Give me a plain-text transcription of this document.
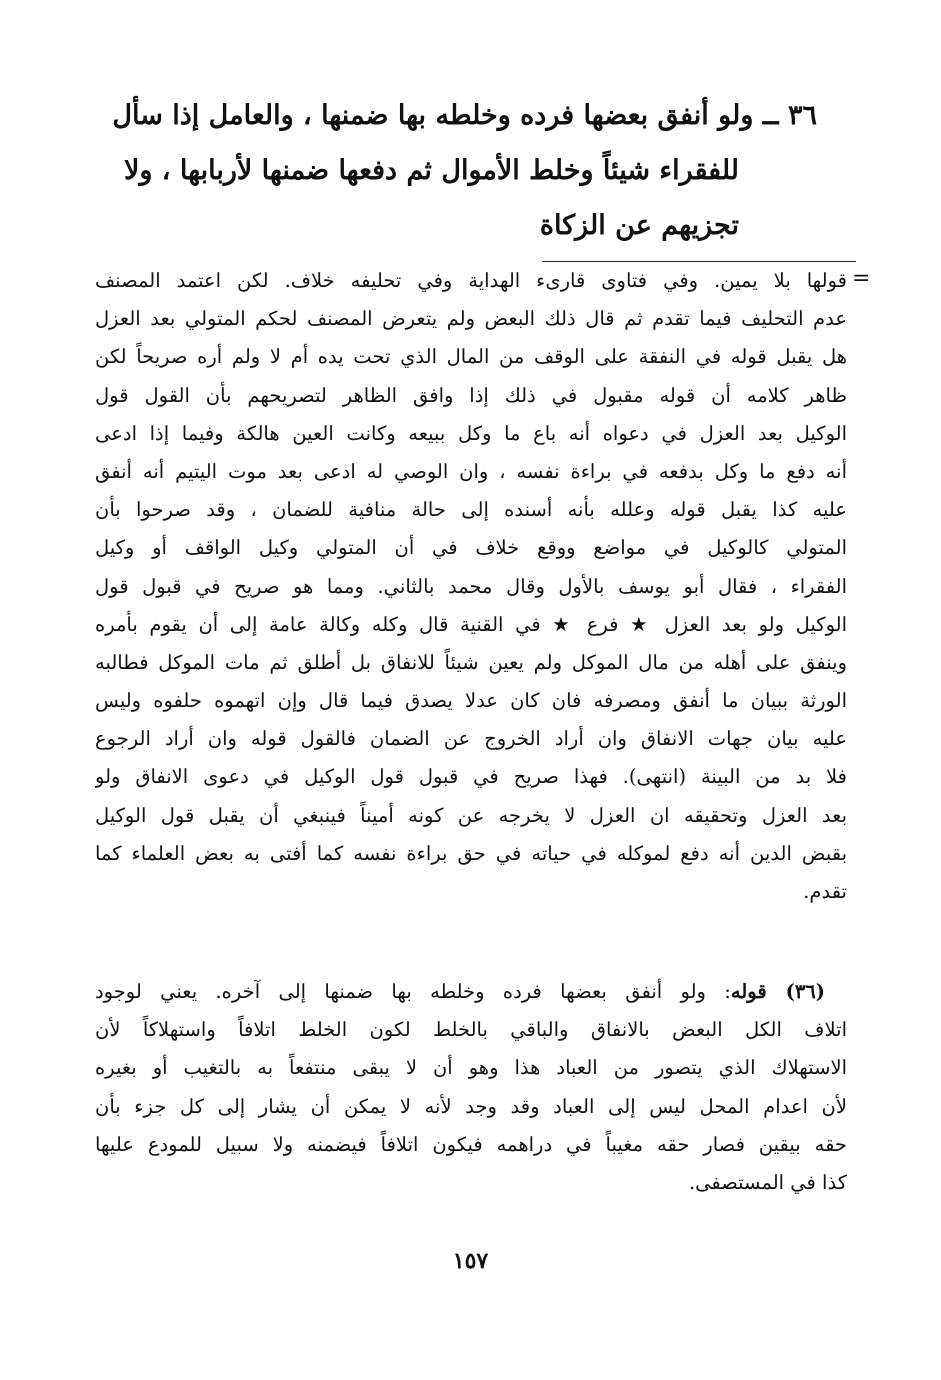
٣٦ ــ ولو أنفق بعضها فرده وخلطه بها ضمنها ، والعامل إذا سأل
للفقراء شيئاً وخلط الأموال ثم دفعها ضمنها لأربابها ، ولا
تجزيهم عن الزكاة
=
قولها بلا يمين. وفي فتاوى قارىء الهداية وفي تحليفه خلاف. لكن اعتمد المصنف
عدم التحليف فيما تقدم ثم قال ذلك البعض ولم يتعرض المصنف لحكم المتولي بعد العزل
هل يقبل قوله في النفقة على الوقف من المال الذي تحت يده أم لا ولم أره صريحاً لكن
ظاهر كلامه أن قوله مقبول في ذلك إذا وافق الظاهر لتصريحهم بأن القول قول
الوكيل بعد العزل في دعواه أنه باع ما وكل ببيعه وكانت العين هالكة وفيما إذا ادعى
أنه دفع ما وكل بدفعه في براءة نفسه ، وان الوصي له ادعى بعد موت اليتيم أنه أنفق
عليه كذا يقبل قوله وعلله بأنه أسنده إلى حالة منافية للضمان ، وقد صرحوا بأن
المتولي كالوكيل في مواضع ووقع خلاف في أن المتولي وكيل الواقف أو وكيل
الفقراء ، فقال أبو يوسف بالأول وقال محمد بالثاني. ومما هو صريح في قبول قول
الوكيل ولو بعد العزل ★ فرع ★ في القنية قال وكله وكالة عامة إلى أن يقوم بأمره
وينفق على أهله من مال الموكل ولم يعين شيئاً للانفاق بل أطلق ثم مات الموكل فطالبه
الورثة ببيان ما أنفق ومصرفه فان كان عدلا يصدق فيما قال وإن اتهموه حلفوه وليس
عليه بيان جهات الانفاق وان أراد الخروج عن الضمان فالقول قوله وان أراد الرجوع
فلا بد من البينة (انتهى). فهذا صريح في قبول قول الوكيل في دعوى الانفاق ولو
بعد العزل وتحقيقه ان العزل لا يخرجه عن كونه أميناً فينبغي أن يقبل قول الوكيل
بقبض الدين أنه دفع لموكله في حياته في حق براءة نفسه كما أفتى به بعض العلماء كما
تقدم.
(٣٦) قوله: ولو أنفق بعضها فرده وخلطه بها ضمنها إلى آخره. يعني لوجود
اتلاف الكل البعض بالانفاق والباقي بالخلط لكون الخلط اتلافاً واستهلاكاً لأن
الاستهلاك الذي يتصور من العباد هذا وهو أن لا يبقى منتفعاً به بالتغيب أو بغيره
لأن اعدام المحل ليس إلى العباد وقد وجد لأنه لا يمكن أن يشار إلى كل جزء بأن
حقه بيقين فصار حقه مغيباً في دراهمه فيكون اتلافاً فيضمنه ولا سبيل للمودع عليها
كذا في المستصفى.
١٥٧
